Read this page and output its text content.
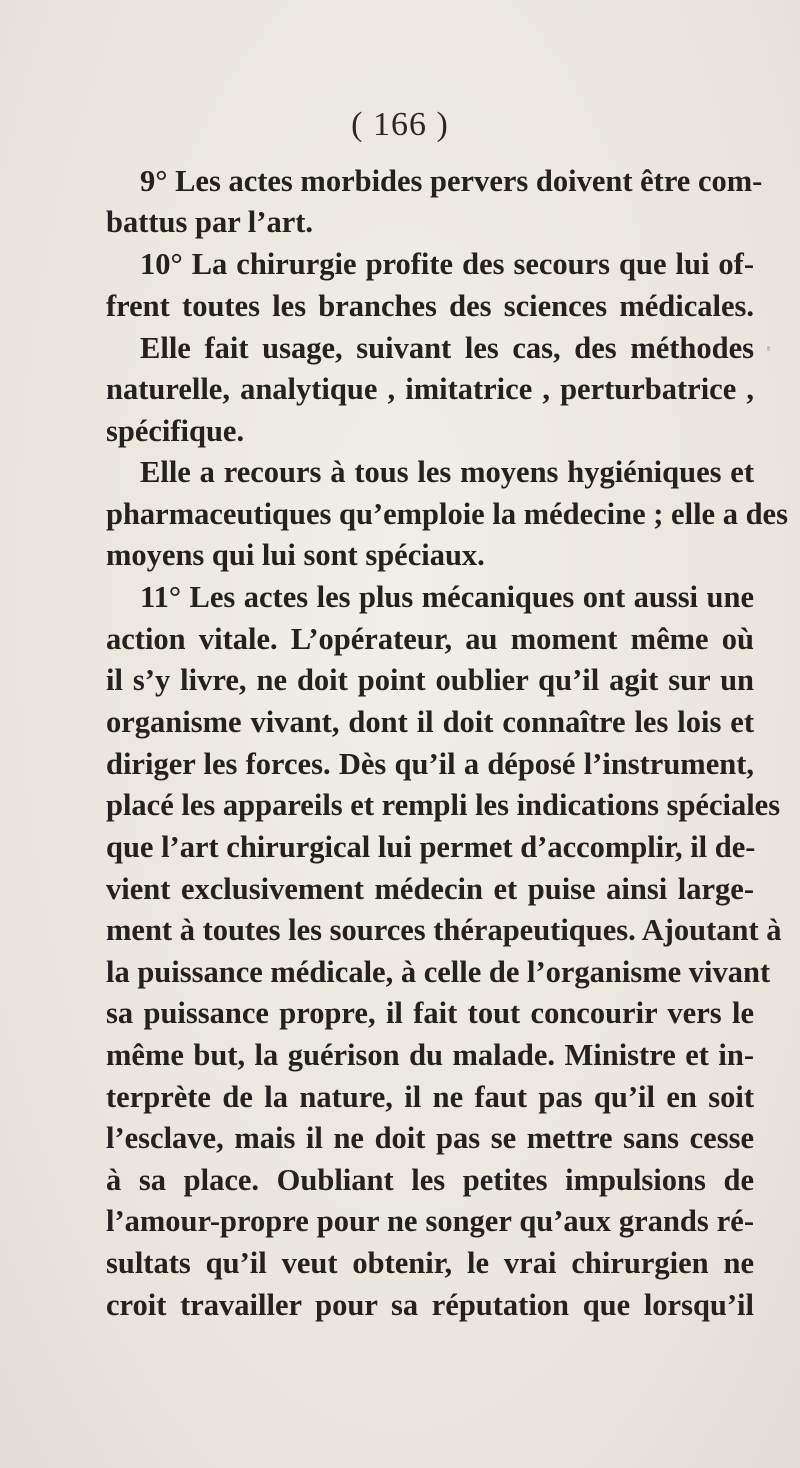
( 166 )
9° Les actes morbides pervers doivent être com-
battus par l’art.
10° La chirurgie profite des secours que lui of-
frent toutes les branches des sciences médicales.
Elle fait usage, suivant les cas, des méthodes
naturelle, analytique , imitatrice , perturbatrice ,
spécifique.
Elle a recours à tous les moyens hygiéniques et
pharmaceutiques qu’emploie la médecine ; elle a des
moyens qui lui sont spéciaux.
11° Les actes les plus mécaniques ont aussi une
action vitale. L’opérateur, au moment même où
il s’y livre, ne doit point oublier qu’il agit sur un
organisme vivant, dont il doit connaître les lois et
diriger les forces. Dès qu’il a déposé l’instrument,
placé les appareils et rempli les indications spéciales
que l’art chirurgical lui permet d’accomplir, il de-
vient exclusivement médecin et puise ainsi large-
ment à toutes les sources thérapeutiques. Ajoutant à
la puissance médicale, à celle de l’organisme vivant
sa puissance propre, il fait tout concourir vers le
même but, la guérison du malade. Ministre et in-
terprète de la nature, il ne faut pas qu’il en soit
l’esclave, mais il ne doit pas se mettre sans cesse
à sa place. Oubliant les petites impulsions de
l’amour-propre pour ne songer qu’aux grands ré-
sultats qu’il veut obtenir, le vrai chirurgien ne
croit travailler pour sa réputation que lorsqu’il
